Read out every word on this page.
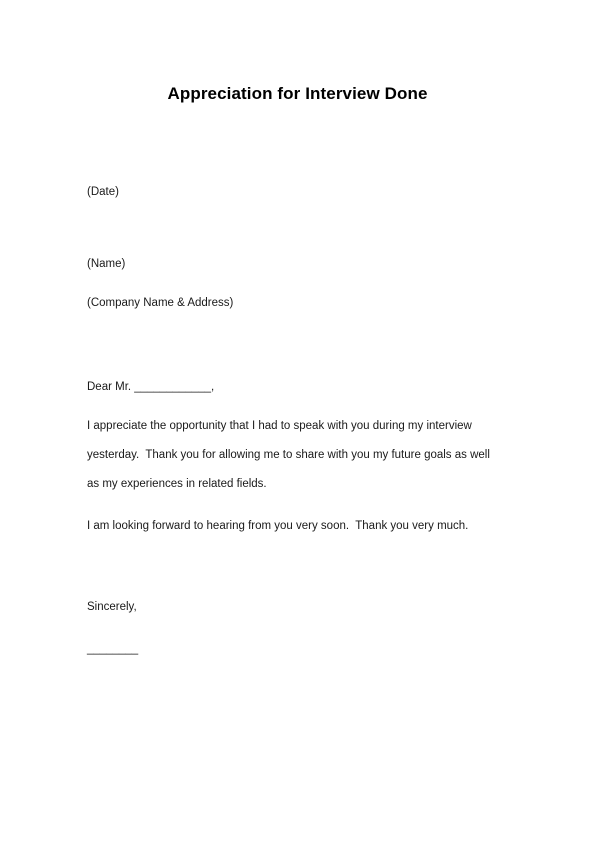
Appreciation for Interview Done
(Date)
(Name)
(Company Name & Address)
Dear Mr. ____________,
I appreciate the opportunity that I had to speak with you during my interview
yesterday.  Thank you for allowing me to share with you my future goals as well
as my experiences in related fields.
I am looking forward to hearing from you very soon.  Thank you very much.
Sincerely,
________
